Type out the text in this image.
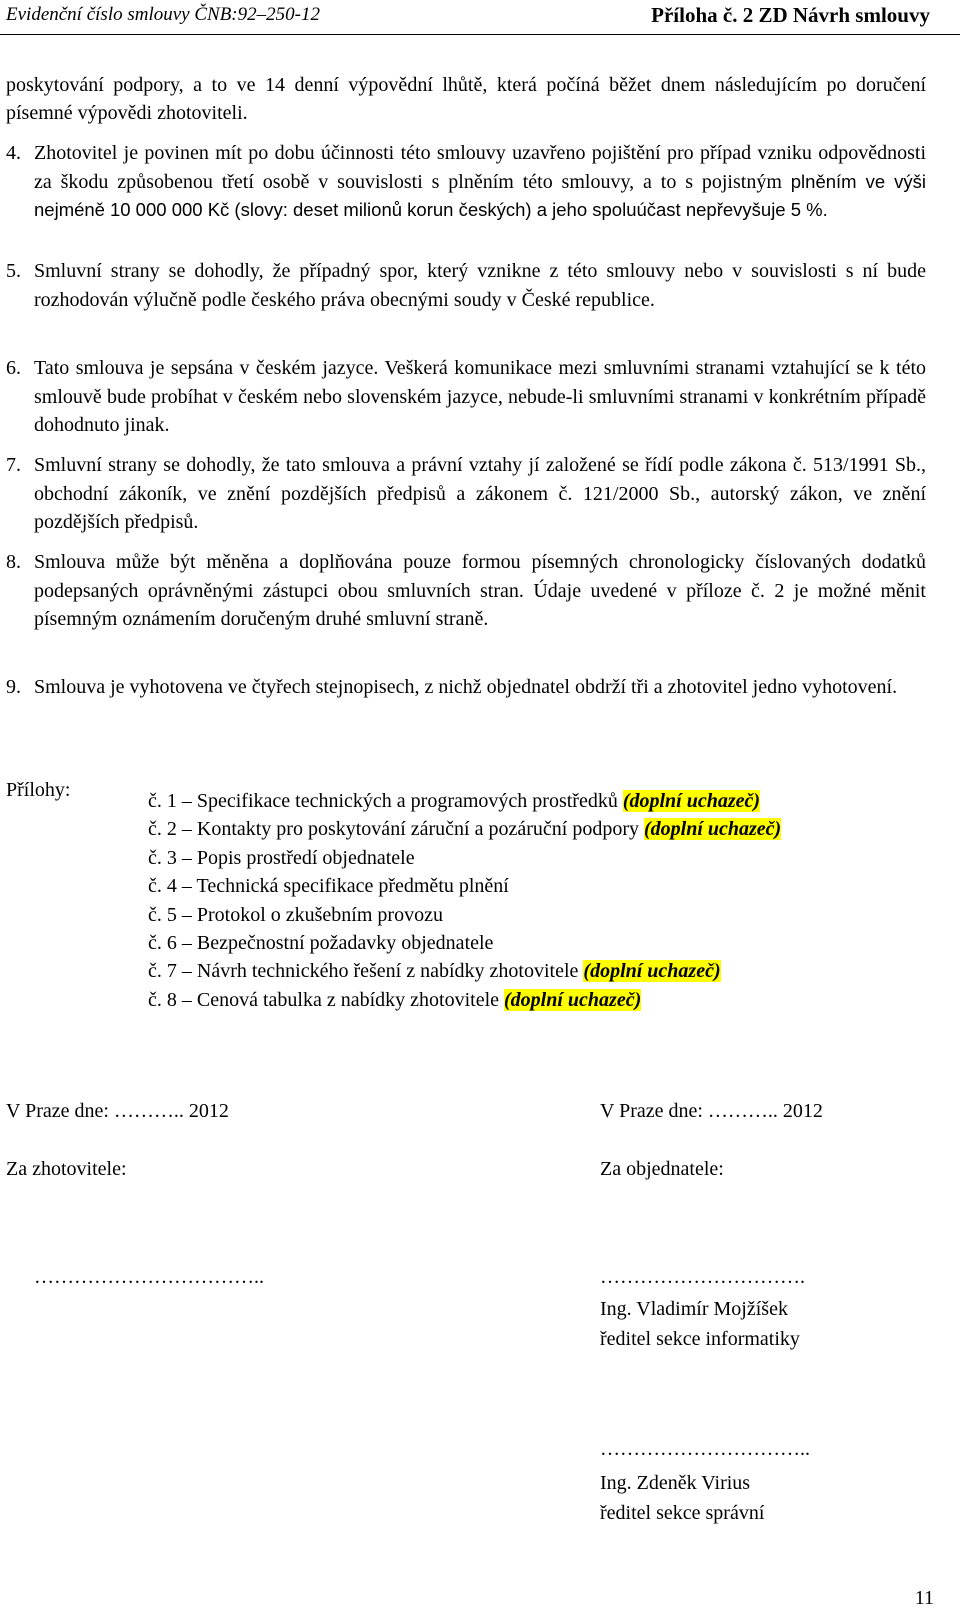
Evidenční číslo smlouvy ČNB:92–250-12	Příloha č. 2 ZD Návrh smlouvy
poskytování podpory, a to ve 14 denní výpovědní lhůtě, která počíná běžet dnem následujícím po doručení písemné výpovědi zhotoviteli.
4. Zhotovitel je povinen mít po dobu účinnosti této smlouvy uzavřeno pojištění pro případ vzniku odpovědnosti za škodu způsobenou třetí osobě v souvislosti s plněním této smlouvy, a to s pojistným plněním ve výši nejméně 10 000 000 Kč (slovy: deset milionů korun českých) a jeho spoluúčast nepřevyšuje 5 %.
5. Smluvní strany se dohodly, že případný spor, který vznikne z této smlouvy nebo v souvislosti s ní bude rozhodován výlučně podle českého práva obecnými soudy v České republice.
6. Tato smlouva je sepsána v českém jazyce. Veškerá komunikace mezi smluvními stranami vztahující se k této smlouvě bude probíhat v českém nebo slovenském jazyce, nebude-li smluvními stranami v konkrétním případě dohodnuto jinak.
7. Smluvní strany se dohodly, že tato smlouva a právní vztahy jí založené se řídí podle zákona č. 513/1991 Sb., obchodní zákoník, ve znění pozdějších předpisů a zákonem č. 121/2000 Sb., autorský zákon, ve znění pozdějších předpisů.
8. Smlouva může být měněna a doplňována pouze formou písemných chronologicky číslovaných dodatků podepsaných oprávněnými zástupci obou smluvních stran. Údaje uvedené v příloze č. 2 je možné měnit písemným oznámením doručeným druhé smluvní straně.
9. Smlouva je vyhotovena ve čtyřech stejnopisech, z nichž objednatel obdrží tři a zhotovitel jedno vyhotovení.
Přílohy:	č. 1 – Specifikace technických a programových prostředků (doplní uchazeč)
č. 2 – Kontakty pro poskytování záruční a pozáruční podpory (doplní uchazeč)
č. 3 – Popis prostředí objednatele
č. 4 – Technická specifikace předmětu plnění
č. 5 – Protokol o zkušebním provozu
č. 6 – Bezpečnostní požadavky objednatele
č. 7 – Návrh technického řešení z nabídky zhotovitele (doplní uchazeč)
č. 8 – Cenová tabulka z nabídky zhotovitele (doplní uchazeč)
V Praze dne: ……….. 2012	V Praze dne: ……….. 2012
Za zhotovitele:	Za objednatele:
……………………………..	………………………….
Ing. Vladimír Mojžíšek
ředitel sekce informatiky
…………………………..
Ing. Zdeněk Virius
ředitel sekce správní
11
